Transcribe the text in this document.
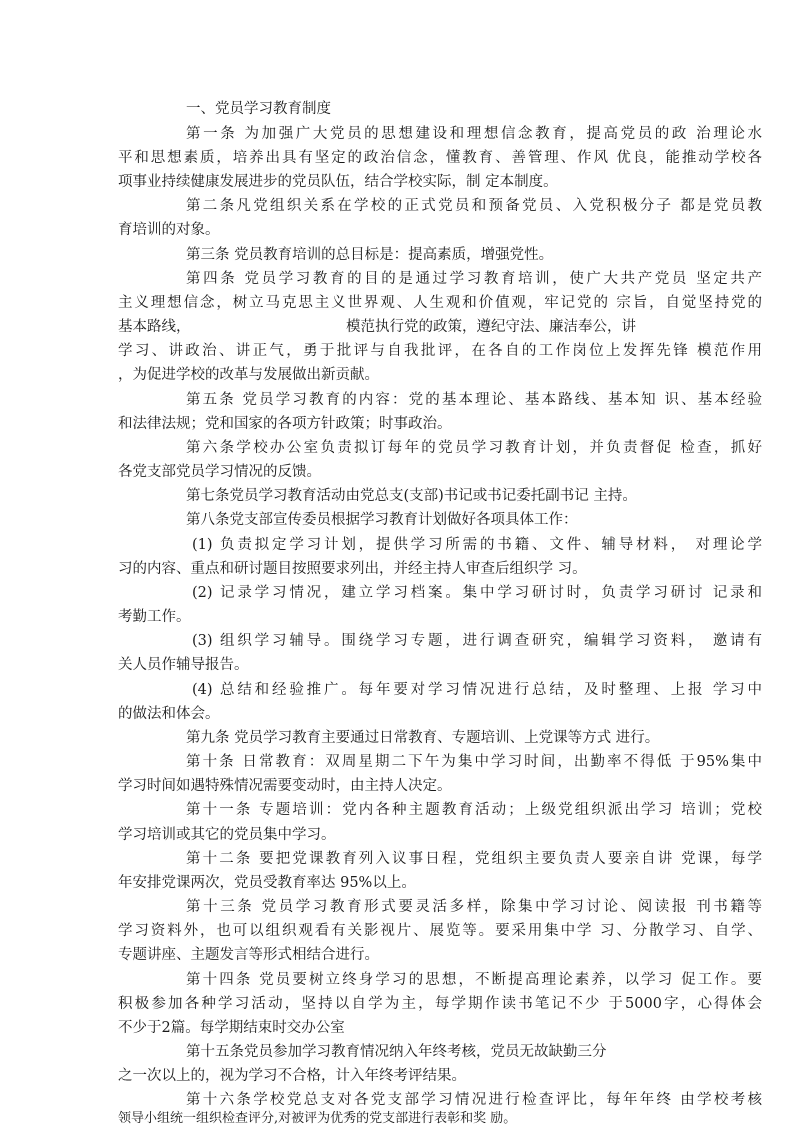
一、党员学习教育制度
第一条 为加强广大党员的思想建设和理想信念教育，提高党员的政 治理论水
平和思想素质，培养出具有坚定的政治信念，懂教育、善管理、作风 优良，能推动学校各
项事业持续健康发展进步的党员队伍，结合学校实际，制 定本制度。
第二条凡党组织关系在学校的正式党员和预备党员、入党积极分子 都是党员教
育培训的对象。
第三条 党员教育培训的总目标是：提高素质，增强党性。
第四条 党员学习教育的目的是通过学习教育培训，使广大共产党员 坚定共产
主义理想信念，树立马克思主义世界观、人生观和价值观，牢记党的 宗旨，自觉坚持党的
基本路线，	模范执行党的政策，遵纪守法、廉洁奉公，讲
学习、讲政治、讲正气，勇于批评与自我批评，在各自的工作岗位上发挥先锋 模范作用
，为促进学校的改革与发展做出新贡献。
第五条 党员学习教育的内容：党的基本理论、基本路线、基本知 识、基本经验
和法律法规；党和国家的各项方针政策；时事政治。
第六条学校办公室负责拟订每年的党员学习教育计划，并负责督促 检查，抓好
各党支部党员学习情况的反馈。
第七条党员学习教育活动由党总支(支部)书记或书记委托副书记 主持。
第八条党支部宣传委员根据学习教育计划做好各项具体工作：
(1) 负责拟定学习计划，提供学习所需的书籍、文件、辅导材料， 对理论学
习的内容、重点和研讨题目按照要求列出，并经主持人审查后组织学 习。
(2) 记录学习情况，建立学习档案。集中学习研讨时，负责学习研讨 记录和
考勤工作。
(3) 组织学习辅导。围绕学习专题，进行调查研究，编辑学习资料， 邀请有
关人员作辅导报告。
(4) 总结和经验推广。每年要对学习情况进行总结，及时整理、上报 学习中
的做法和体会。
第九条 党员学习教育主要通过日常教育、专题培训、上党课等方式 进行。
第十条 日常教育：双周星期二下午为集中学习时间，出勤率不得低 于95%集中
学习时间如遇特殊情况需要变动时，由主持人决定。
第十一条 专题培训：党内各种主题教育活动；上级党组织派出学习 培训；党校
学习培训或其它的党员集中学习。
第十二条 要把党课教育列入议事日程，党组织主要负责人要亲自讲 党课，每学
年安排党课两次，党员受教育率达 95%以上。
第十三条 党员学习教育形式要灵活多样，除集中学习讨论、阅读报 刊书籍等
学习资料外，也可以组织观看有关影视片、展览等。要采用集中学 习、分散学习、自学、
专题讲座、主题发言等形式相结合进行。
第十四条 党员要树立终身学习的思想，不断提高理论素养，以学习 促工作。要
积极参加各种学习活动，坚持以自学为主，每学期作读书笔记不少 于5000字，心得体会
不少于2篇。每学期结束时交办公室
第十五条党员参加学习教育情况纳入年终考核，党员无故缺勤三分
之一次以上的，视为学习不合格，计入年终考评结果。
第十六条学校党总支对各党支部学习情况进行检查评比，每年年终 由学校考核
领导小组统一组织检查评分,对被评为优秀的党支部进行表彰和奖 励。
